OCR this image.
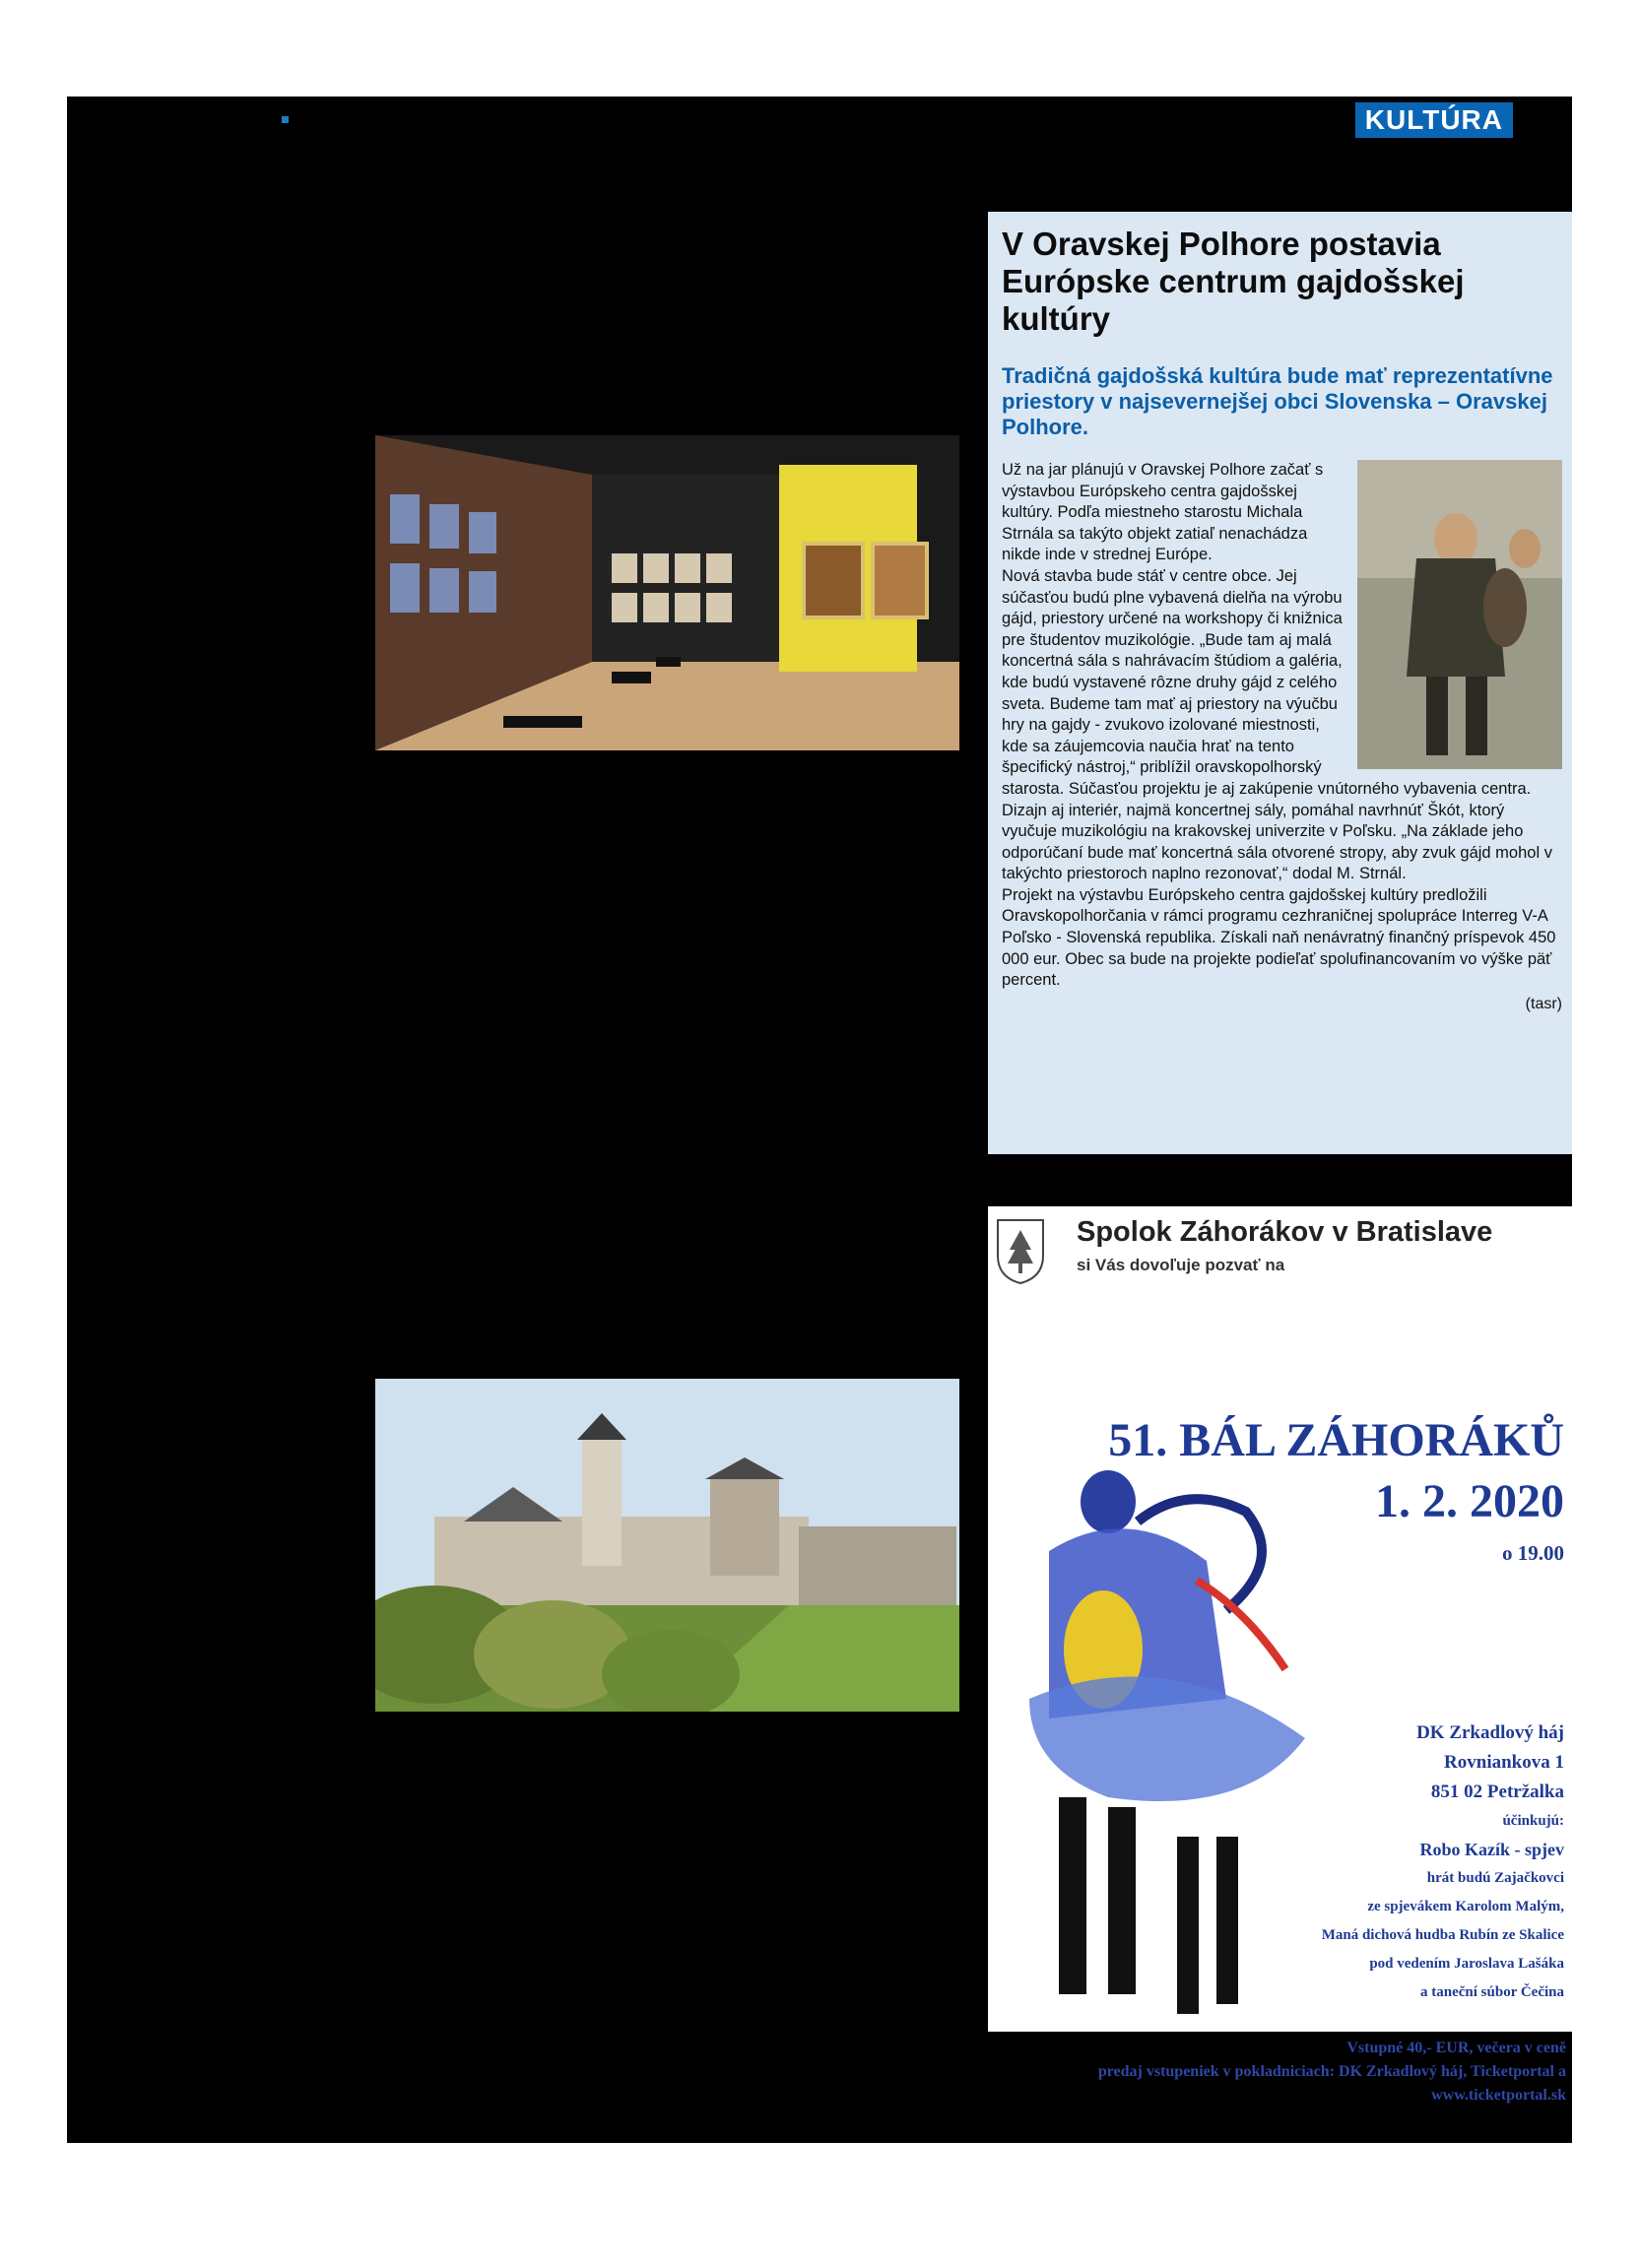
KULTÚRA
V Oravskej Polhore postavia Európske centrum gajdošskej kultúry

Tradičná gajdošská kultúra bude mať reprezentatívne priestory v najsevernejšej obci Slovenska – Oravskej Polhore.

Už na jar plánujú v Oravskej Polhore začať s výstavbou Európskeho centra gajdošskej kultúry. Podľa miestneho starostu Michala Strnála sa takýto objekt zatiaľ nenachádza nikde inde v strednej Európe.

Nová stavba bude stáť v centre obce. Jej súčasťou budú plne vybavená dielňa na výrobu gájd, priestory určené na workshopy či knižnica pre študentov muzikológie. „Bude tam aj malá koncertná sála s nahrávacím štúdiom a galéria, kde budú vystavené rôzne druhy gájd z celého sveta. Budeme tam mať aj priestory na výučbu hry na gajdy - zvukovo izolované miestnosti, kde sa záujemcovia naučia hrať na tento špecifický nástroj,“ priblížil oravskopolhorský starosta. Súčasťou projektu je aj zakúpenie vnútorného vybavenia centra.

Dizajn aj interiér, najmä koncertnej sály, pomáhal navrhnúť Škót, ktorý vyučuje muzikológiu na krakovskej univerzite v Poľsku. „Na základe jeho odporúčaní bude mať koncertná sála otvorené stropy, aby zvuk gájd mohol v takýchto priestoroch naplno rezonovať,“ dodal M. Strnál.

Projekt na výstavbu Európskeho centra gajdošskej kultúry predložili Oravskopolhorčania v rámci programu cezhraničnej spolupráce Interreg V-A Poľsko - Slovenská republika. Získali naň nenávratný finančný príspevok 450 000 eur. Obec sa bude na projekte podieľať spolufinancovaním vo výške päť percent.

(tasr)
Spolok Záhorákov v Bratislave
si Vás dovoľuje pozvať na
51. BÁL ZÁHORÁKŮ
1. 2. 2020
o 19.00
DK Zrkadlový háj
Rovniankova 1
851 02 Petržalka
účinkujú:
Robo Kazík - spjev
hrát budú Zajačkovci
ze spjevákem Karolom Malým,
Maná dichová hudba Rubín ze Skalice
pod vedením Jaroslava Lašáka
a taneční súbor Čečina
Vstupné 40,- EUR, večera v ceně
predaj vstupeniek v pokladniciach: DK Zrkadlový háj, Ticketportal a
www.ticketportal.sk
